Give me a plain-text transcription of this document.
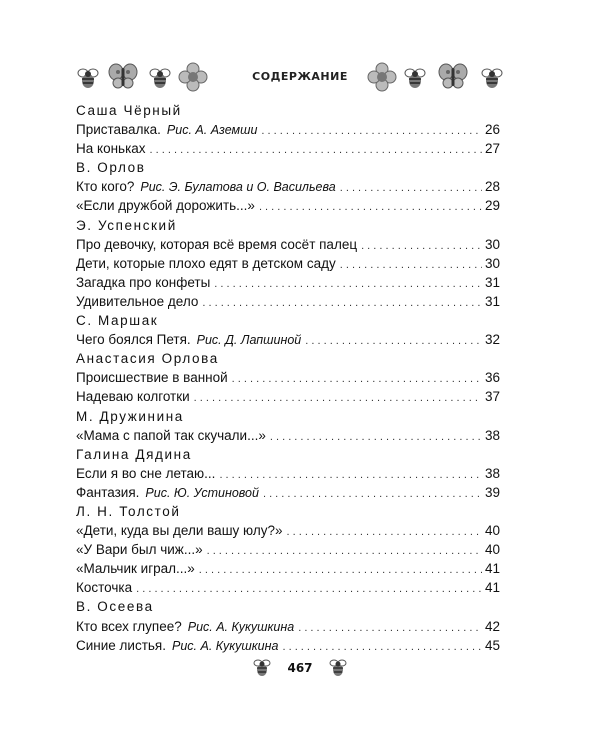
СОДЕРЖАНИЕ
Саша Чёрный
Приставалка. Рис. А. Аземши . . .	26
На коньках . . .	27
В. Орлов
Кто кого? Рис. Э. Булатова и О. Васильева . . .	28
«Если дружбой дорожить...» . . .	29
Э. Успенский
Про девочку, которая всё время сосёт палец . . .	30
Дети, которые плохо едят в детском саду . . .	30
Загадка про конфеты . . .	31
Удивительное дело . . .	31
С. Маршак
Чего боялся Петя. Рис. Д. Лапшиной . . .	32
Анастасия Орлова
Происшествие в ванной . . .	36
Надеваю колготки . . .	37
М. Дружинина
«Мама с папой так скучали...» . . .	38
Галина Дядина
Если я во сне летаю... . . .	38
Фантазия. Рис. Ю. Устиновой . . .	39
Л. Н. Толстой
«Дети, куда вы дели вашу юлу?» . . .	40
«У Вари был чиж...» . . .	40
«Мальчик играл...» . . .	41
Косточка . . .	41
В. Осеева
Кто всех глупее? Рис. А. Кукушкина . . .	42
Синие листья. Рис. А. Кукушкина . . .	45
467
